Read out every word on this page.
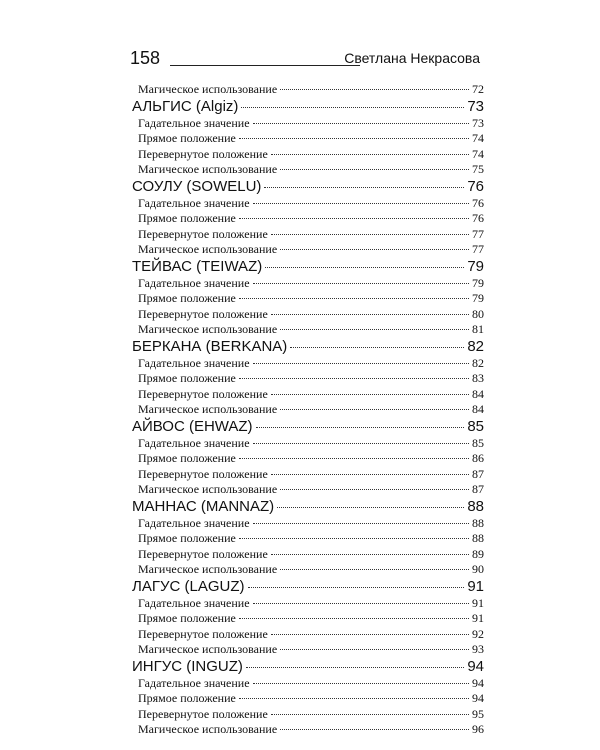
158	Светлана Некрасова
Магическое использование	72
АЛЬГИС (Algiz)	73
Гадательное значение	73
Прямое положение	74
Перевернутое положение	74
Магическое использование	75
СОУЛУ (SOWELU)	76
Гадательное значение	76
Прямое положение	76
Перевернутое положение	77
Магическое использование	77
ТЕЙВАС (TEIWAZ)	79
Гадательное значение	79
Прямое положение	79
Перевернутое положение	80
Магическое использование	81
БЕРКАНА (BERKANA)	82
Гадательное значение	82
Прямое положение	83
Перевернутое положение	84
Магическое использование	84
АЙВОС (EHWAZ)	85
Гадательное значение	85
Прямое положение	86
Перевернутое положение	87
Магическое использование	87
МАННАС (MANNAZ)	88
Гадательное значение	88
Прямое положение	88
Перевернутое положение	89
Магическое использование	90
ЛАГУС (LAGUZ)	91
Гадательное значение	91
Прямое положение	91
Перевернутое положение	92
Магическое использование	93
ИНГУС (INGUZ)	94
Гадательное значение	94
Прямое положение	94
Перевернутое положение	95
Магическое использование	96
